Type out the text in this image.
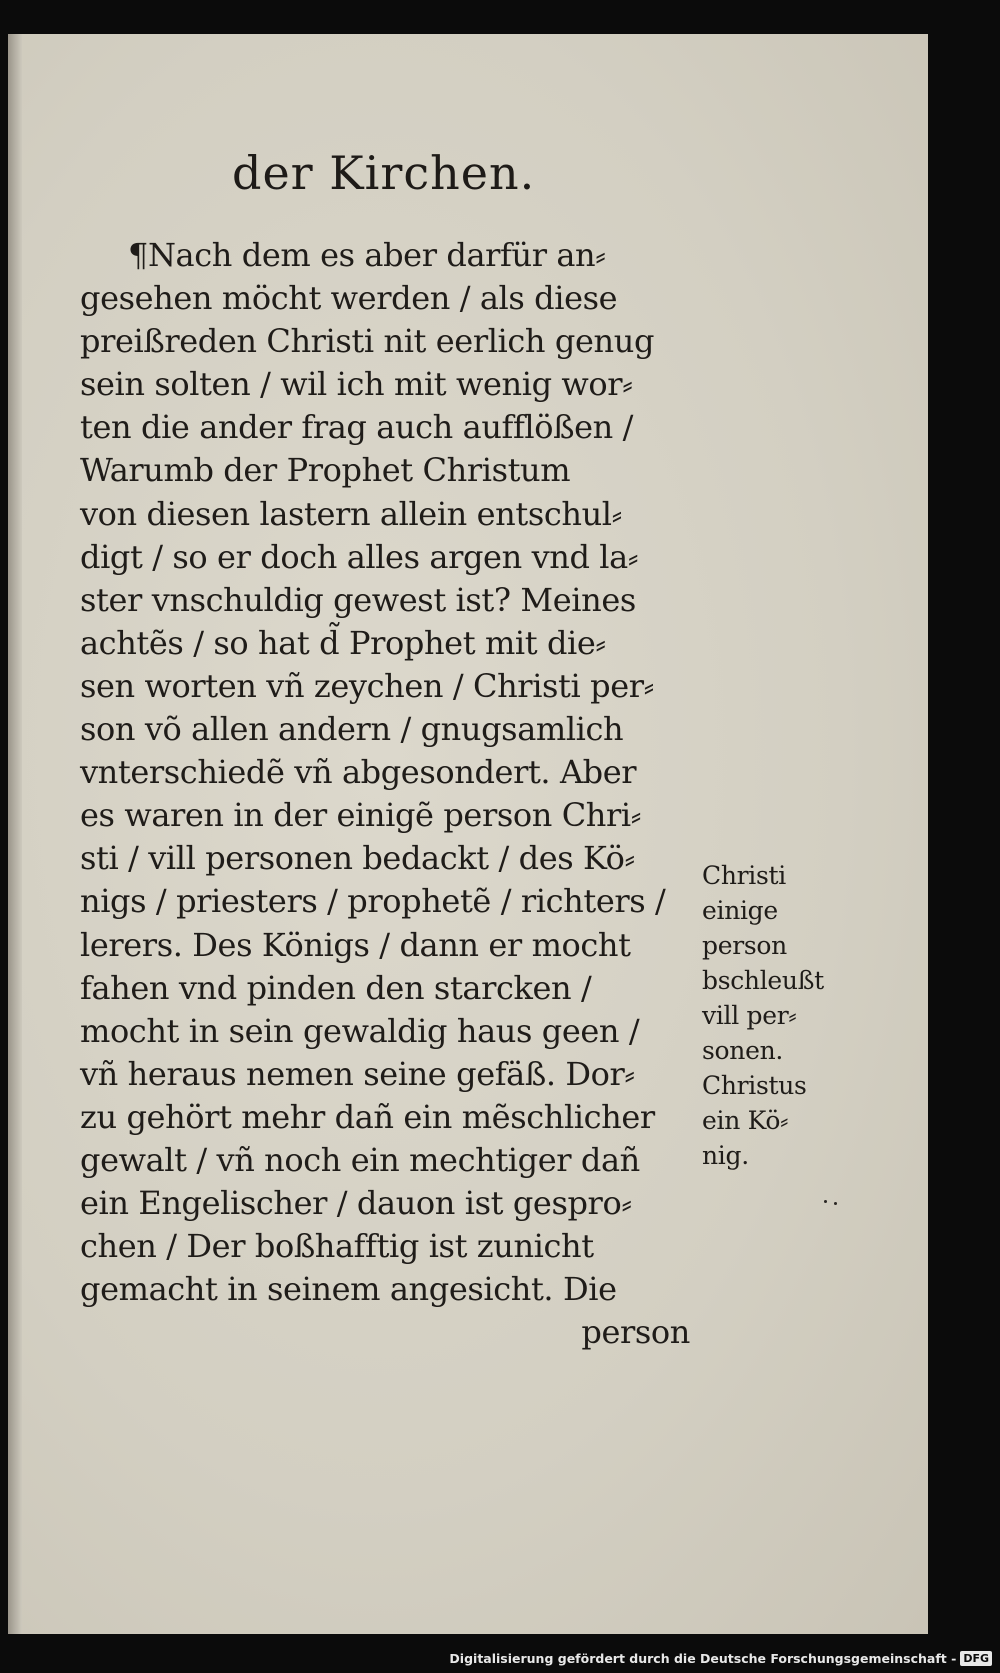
der Kirchen.
¶Nach dem es aber darfür an⸗
gesehen möcht werden / als diese
preißreden Christi nit eerlich genug
sein solten / wil ich mit wenig wor⸗
ten die ander frag auch aufflößen /
Warumb der Prophet Christum
von diesen lastern allein entschul⸗
digt / so er doch alles argen vnd la⸗
ster vnschuldig gewest ist? Meines
achtẽs / so hat d̃ Prophet mit die⸗
sen worten vñ zeychen / Christi per⸗
son võ allen andern / gnugsamlich
vnterschiedẽ vñ abgesondert. Aber
es waren in der einigẽ person Chri⸗
sti / vill personen bedackt / des Kö⸗
nigs / priesters / prophetẽ / richters /
lerers. Des Königs / dann er mocht
fahen vnd pinden den starcken /
mocht in sein gewaldig haus geen /
vñ heraus nemen seine gefäß. Dor⸗
zu gehört mehr dañ ein mẽschlicher
gewalt / vñ noch ein mechtiger dañ
ein Engelischer / dauon ist gespro⸗
chen / Der boßhafftig ist zunicht
gemacht in seinem angesicht. Die
person
Christi
einige
person
bschleußt
vill per⸗
sonen.
Christus
ein Kö⸗
nig.
Digitalisierung gefördert durch die Deutsche Forschungsgemeinschaft - DFG
